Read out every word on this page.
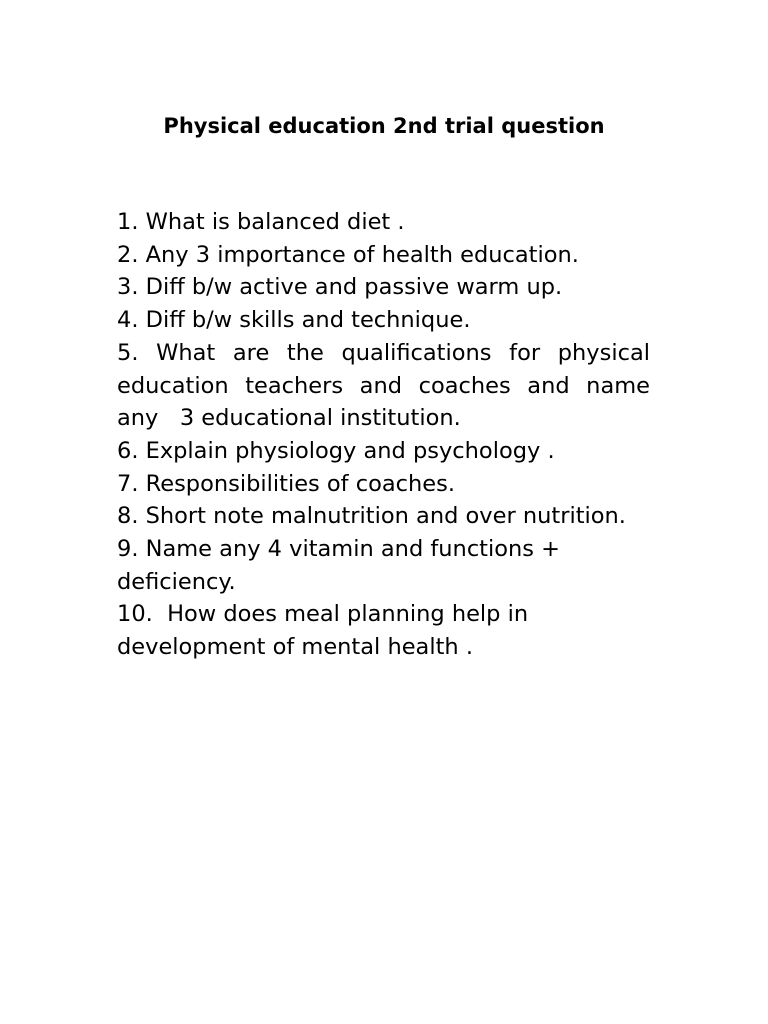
Physical education 2nd trial question
1. What is balanced diet .
2. Any 3 importance of health education.
3. Diff b/w active and passive warm up.
4. Diff b/w skills and technique.
5. What are the qualifications for physical education teachers and coaches and name any   3 educational institution.
6. Explain physiology and psychology .
7. Responsibilities of coaches.
8. Short note malnutrition and over nutrition.
9. Name any 4 vitamin and functions + deficiency.
10.  How does meal planning help in development of mental health .
